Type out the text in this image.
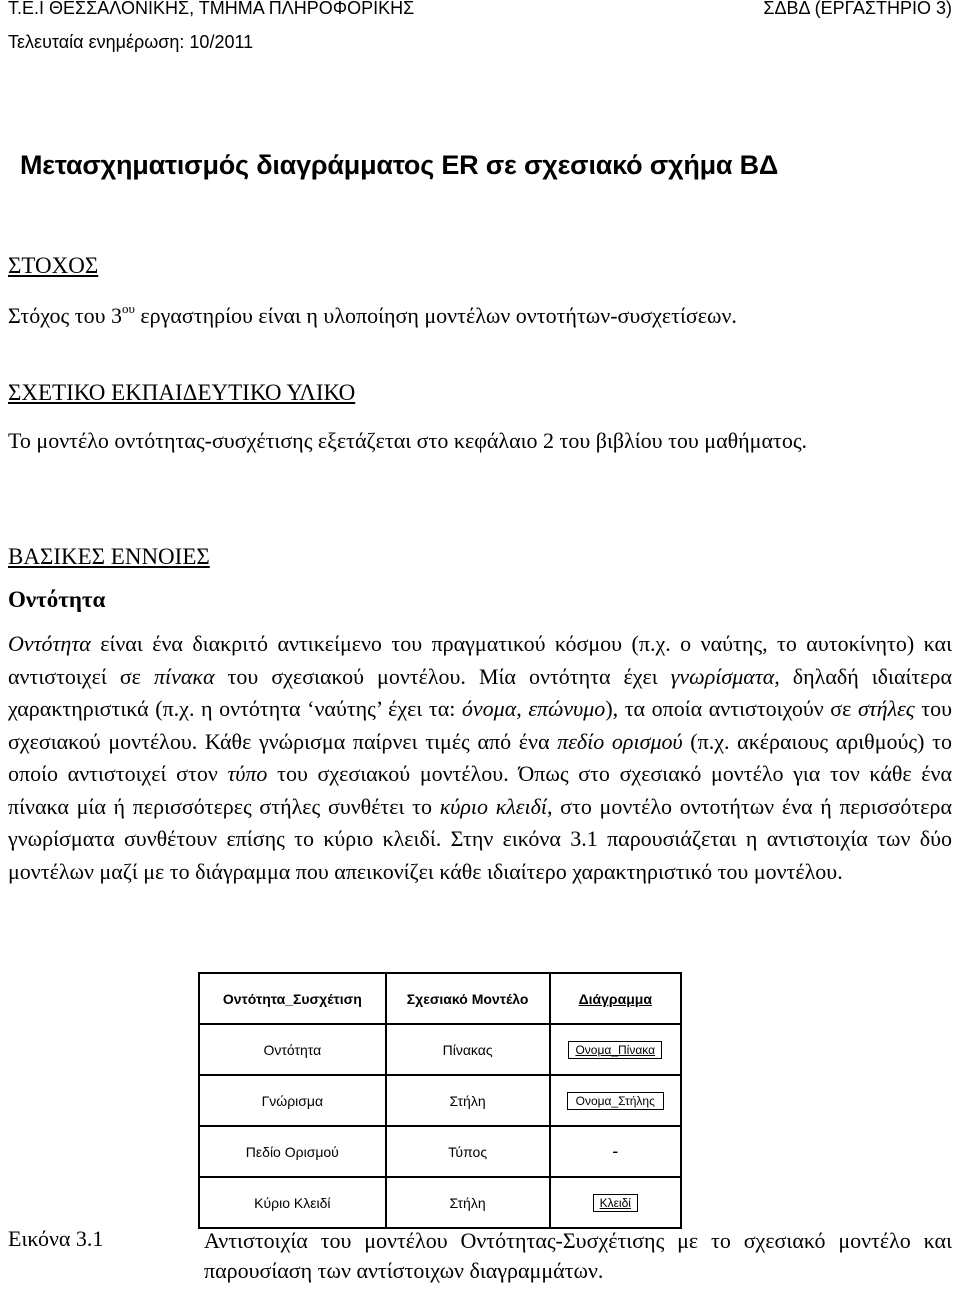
Τ.Ε.Ι ΘΕΣΣΑΛΟΝΙΚΗΣ, ΤΜΗΜΑ ΠΛΗΡΟΦΟΡΙΚΗΣ	ΣΔΒΔ (ΕΡΓΑΣΤΗΡΙΟ 3)
Τελευταία ενημέρωση: 10/2011
Μετασχηματισμός διαγράμματος ER σε σχεσιακό σχήμα ΒΔ
ΣΤΟΧΟΣ
Στόχος του $3^{o\upsilon}$ εργαστηρίου είναι η υλοποίηση μοντέλων οντοτήτων-συσχετίσεων.
ΣΧΕΤΙΚΟ ΕΚΠΑΙΔΕΥΤΙΚΟ ΥΛΙΚΟ
Το μοντέλο οντότητας-συσχέτισης εξετάζεται στο κεφάλαιο 2 του βιβλίου του μαθήματος.
ΒΑΣΙΚΕΣ ΕΝΝΟΙΕΣ
Οντότητα
Οντότητα είναι ένα διακριτό αντικείμενο του πραγματικού κόσμου (π.χ. ο ναύτης, το αυτοκίνητο) και αντιστοιχεί σε πίνακα του σχεσιακού μοντέλου. Μία οντότητα έχει γνωρίσματα, δηλαδή ιδιαίτερα χαρακτηριστικά (π.χ. η οντότητα ‘ναύτης’ έχει τα: όνομα, επώνυμο), τα οποία αντιστοιχούν σε στήλες του σχεσιακού μοντέλου. Κάθε γνώρισμα παίρνει τιμές από ένα πεδίο ορισμού (π.χ. ακέραιους αριθμούς) το οποίο αντιστοιχεί στον τύπο του σχεσιακού μοντέλου. Όπως στο σχεσιακό μοντέλο για τον κάθε ένα πίνακα μία ή περισσότερες στήλες συνθέτει το κύριο κλειδί, στο μοντέλο οντοτήτων ένα ή περισσότερα γνωρίσματα συνθέτουν επίσης το κύριο κλειδί. Στην εικόνα 3.1 παρουσιάζεται η αντιστοιχία των δύο μοντέλων μαζί με το διάγραμμα που απεικονίζει κάθε ιδιαίτερο χαρακτηριστικό του μοντέλου.
Οντότητα_Συσχέτιση	Σχεσιακό Μοντέλο	Διάγραμμα
Οντότητα	Πίνακας	Ονομα_Πίνακα
Γνώρισμα	Στήλη	Ονομα_Στήλης
Πεδίο Ορισμού	Τύπος	-
Κύριο Κλειδί	Στήλη	Κλειδί
Εικόνα 3.1	Αντιστοιχία του μοντέλου Οντότητας-Συσχέτισης με το σχεσιακό μοντέλο και παρουσίαση των αντίστοιχων διαγραμμάτων.
